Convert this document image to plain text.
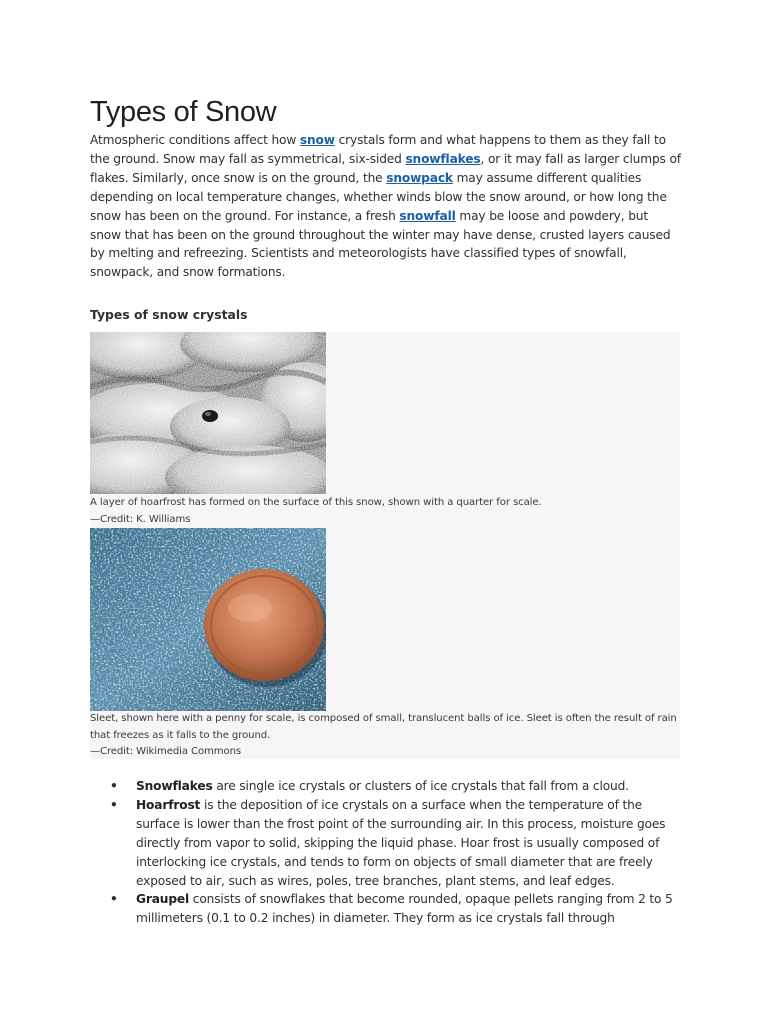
Types of Snow

Atmospheric conditions affect how snow crystals form and what happens to them as they fall to the ground. Snow may fall as symmetrical, six-sided snowflakes, or it may fall as larger clumps of flakes. Similarly, once snow is on the ground, the snowpack may assume different qualities depending on local temperature changes, whether winds blow the snow around, or how long the snow has been on the ground. For instance, a fresh snowfall may be loose and powdery, but snow that has been on the ground throughout the winter may have dense, crusted layers caused by melting and refreezing. Scientists and meteorologists have classified types of snowfall, snowpack, and snow formations.

Types of snow crystals

A layer of hoarfrost has formed on the surface of this snow, shown with a quarter for scale.
—Credit: K. Williams

Sleet, shown here with a penny for scale, is composed of small, translucent balls of ice. Sleet is often the result of rain that freezes as it falls to the ground.
—Credit: Wikimedia Commons

• Snowflakes are single ice crystals or clusters of ice crystals that fall from a cloud.
• Hoarfrost is the deposition of ice crystals on a surface when the temperature of the surface is lower than the frost point of the surrounding air. In this process, moisture goes directly from vapor to solid, skipping the liquid phase. Hoar frost is usually composed of interlocking ice crystals, and tends to form on objects of small diameter that are freely exposed to air, such as wires, poles, tree branches, plant stems, and leaf edges.
• Graupel consists of snowflakes that become rounded, opaque pellets ranging from 2 to 5 millimeters (0.1 to 0.2 inches) in diameter. They form as ice crystals fall through
